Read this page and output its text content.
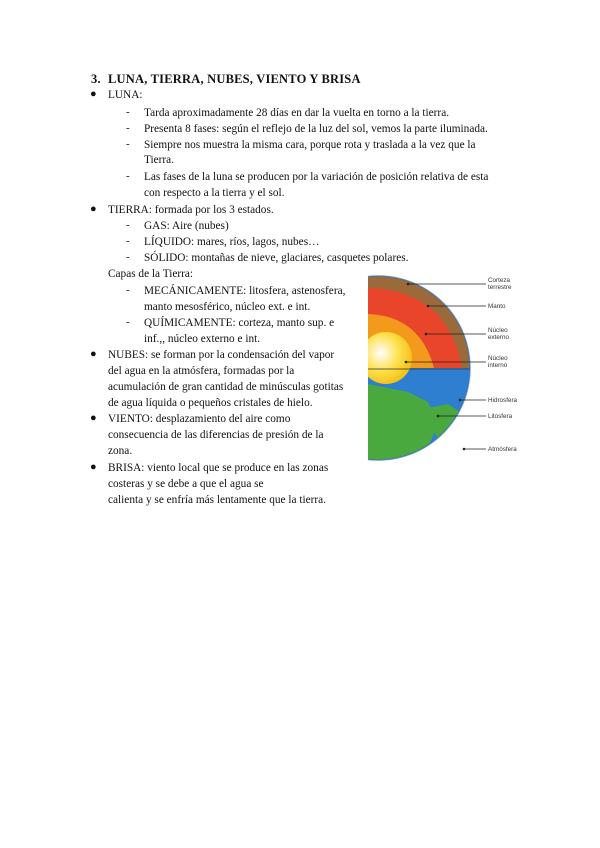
3. LUNA, TIERRA, NUBES, VIENTO Y BRISA
● LUNA:
- Tarda aproximadamente 28 días en dar la vuelta en torno a la tierra.
- Presenta 8 fases: según el reflejo de la luz del sol, vemos la parte iluminada.
- Siempre nos muestra la misma cara, porque rota y traslada a la vez que la
Tierra.
- Las fases de la luna se producen por la variación de posición relativa de esta
con respecto a la tierra y el sol.
● TIERRA: formada por los 3 estados.
- GAS: Aire (nubes)
- LÍQUIDO: mares, ríos, lagos, nubes…
- SÓLIDO: montañas de nieve, glaciares, casquetes polares.
Capas de la Tierra:
- MECÁNICAMENTE: litosfera, astenosfera,
manto mesosférico, núcleo ext. e int.
- QUÍMICAMENTE: corteza, manto sup. e
inf.,, núcleo externo e int.
● NUBES: se forman por la condensación del vapor
del agua en la atmósfera, formadas por la
acumulación de gran cantidad de minúsculas gotitas
de agua líquida o pequeños cristales de hielo.
● VIENTO: desplazamiento del aire como
consecuencia de las diferencias de presión de la
zona.
● BRISA: viento local que se produce en las zonas
costeras y se debe a que el agua se
calienta y se enfría más lentamente que la tierra.
Corteza
terrestre
Manto
Núcleo
externo
Núcleo
interno
Hidrosfera
Litosfera
Atmósfera
